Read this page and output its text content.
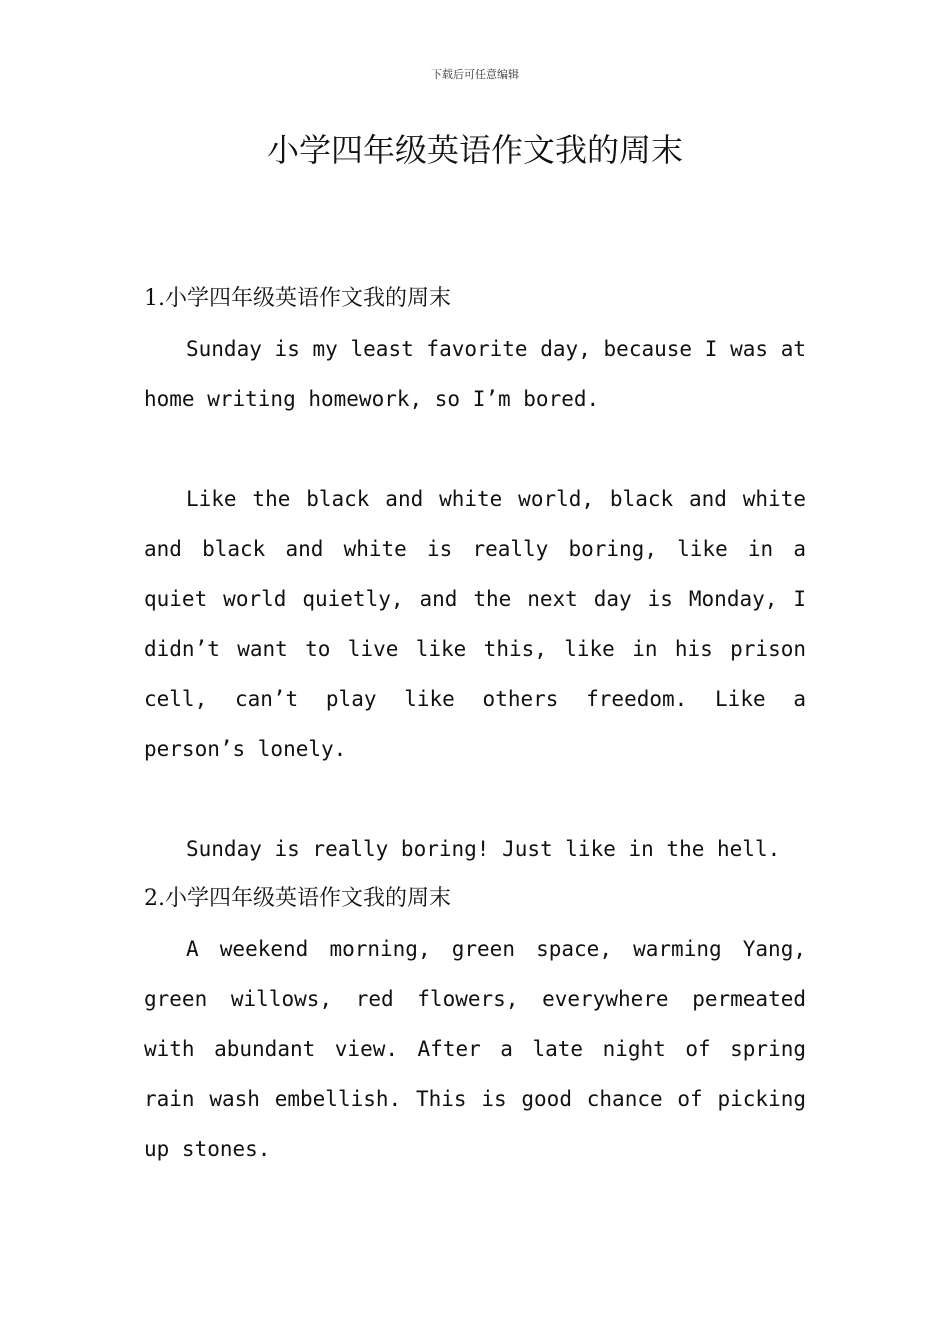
下载后可任意编辑
小学四年级英语作文我的周末

1.小学四年级英语作文我的周末

Sunday is my least favorite day, because I was at home writing homework, so I’m bored.

Like the black and white world, black and white and black and white is really boring, like in a quiet world quietly, and the next day is Monday, I didn’t want to live like this, like in his prison cell, can’t play like others freedom. Like a person’s lonely.

Sunday is really boring! Just like in the hell.

2.小学四年级英语作文我的周末

A weekend morning, green space, warming Yang, green willows, red flowers, everywhere permeated with abundant view. After a late night of spring rain wash embellish. This is good chance of picking up stones.
